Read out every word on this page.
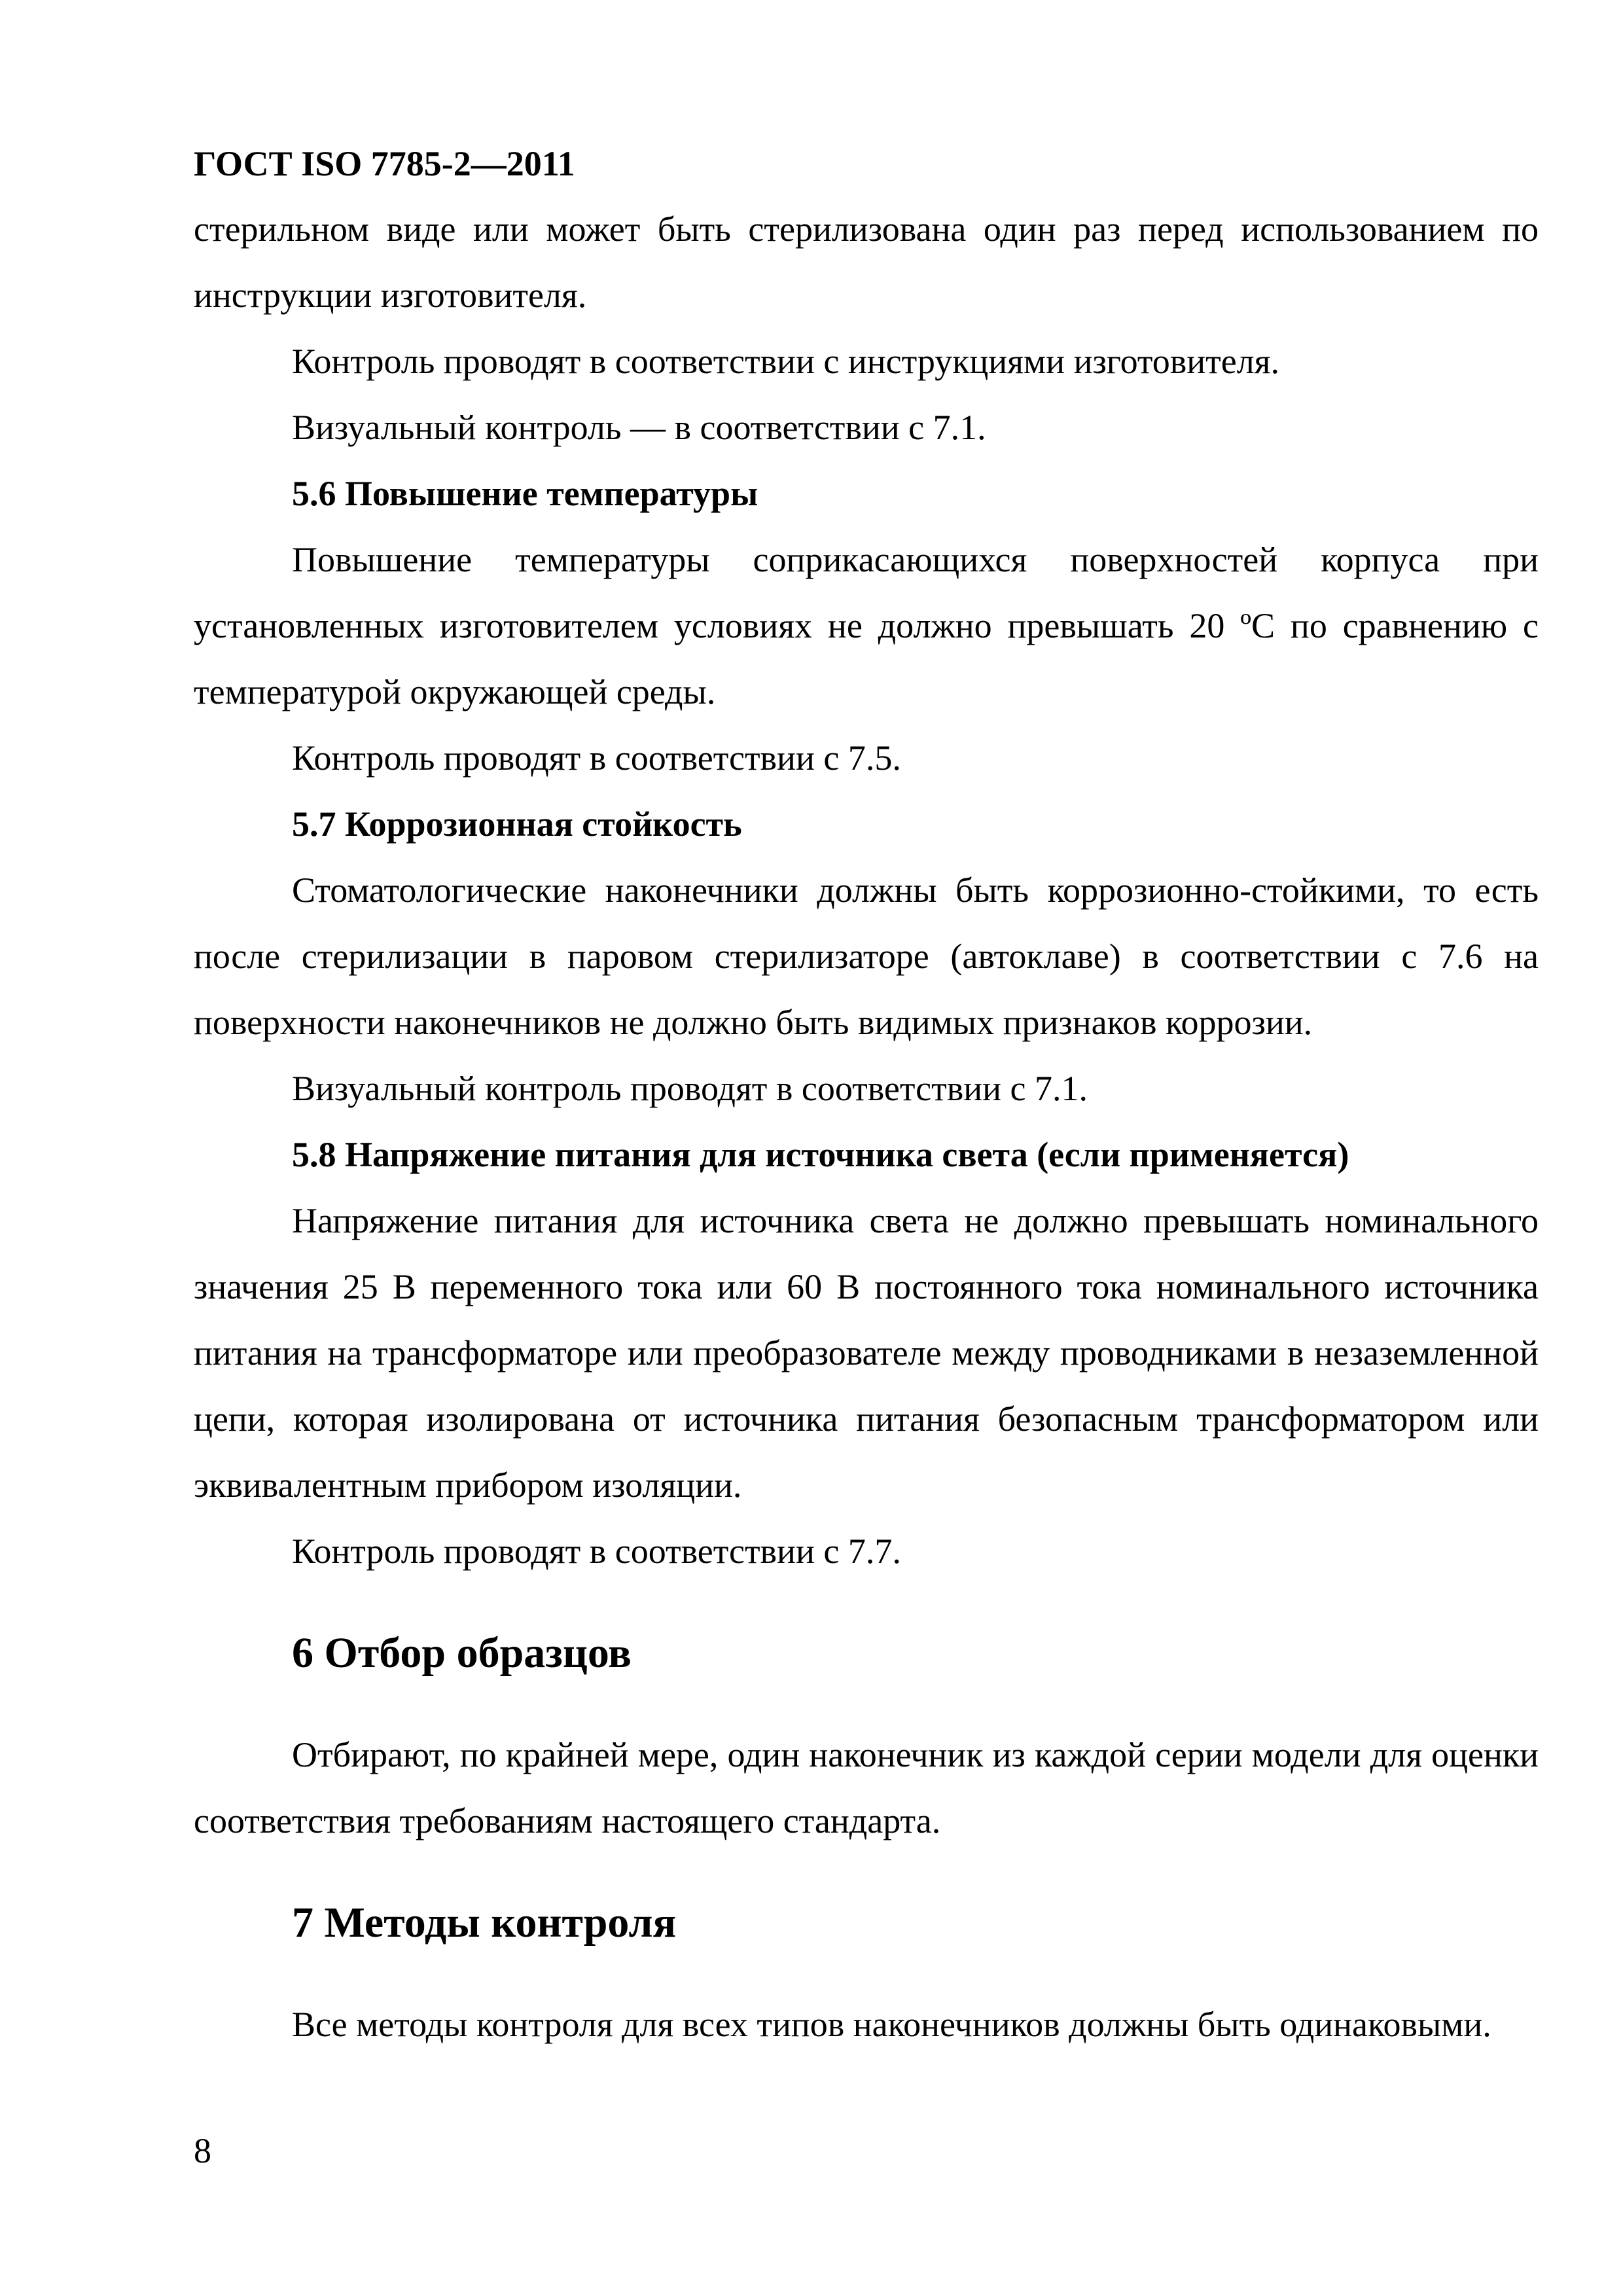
ГОСТ ISO 7785-2—2011

стерильном виде или может быть стерилизована один раз перед использованием по инструкции изготовителя.

Контроль проводят в соответствии с инструкциями изготовителя.

Визуальный контроль — в соответствии с 7.1.

5.6 Повышение температуры

Повышение температуры соприкасающихся поверхностей корпуса при установленных изготовителем условиях не должно превышать 20 ºС по сравнению с температурой окружающей среды.

Контроль проводят в соответствии с 7.5.

5.7 Коррозионная стойкость

Стоматологические наконечники должны быть коррозионно-стойкими, то есть после стерилизации в паровом стерилизаторе (автоклаве) в соответствии с 7.6 на поверхности наконечников не должно быть видимых признаков коррозии.

Визуальный контроль проводят в соответствии с 7.1.

5.8 Напряжение питания для источника света (если применяется)

Напряжение питания для источника света не должно превышать номинального значения 25 В переменного тока или 60 В постоянного тока номинального источника питания на трансформаторе или преобразователе между проводниками в незаземленной цепи, которая изолирована от источника питания безопасным трансформатором или эквивалентным прибором изоляции.

Контроль проводят в соответствии с 7.7.

6 Отбор образцов

Отбирают, по крайней мере, один наконечник из каждой серии модели для оценки соответствия требованиям настоящего стандарта.

7 Методы контроля

Все методы контроля для всех типов наконечников должны быть одинаковыми.

8
